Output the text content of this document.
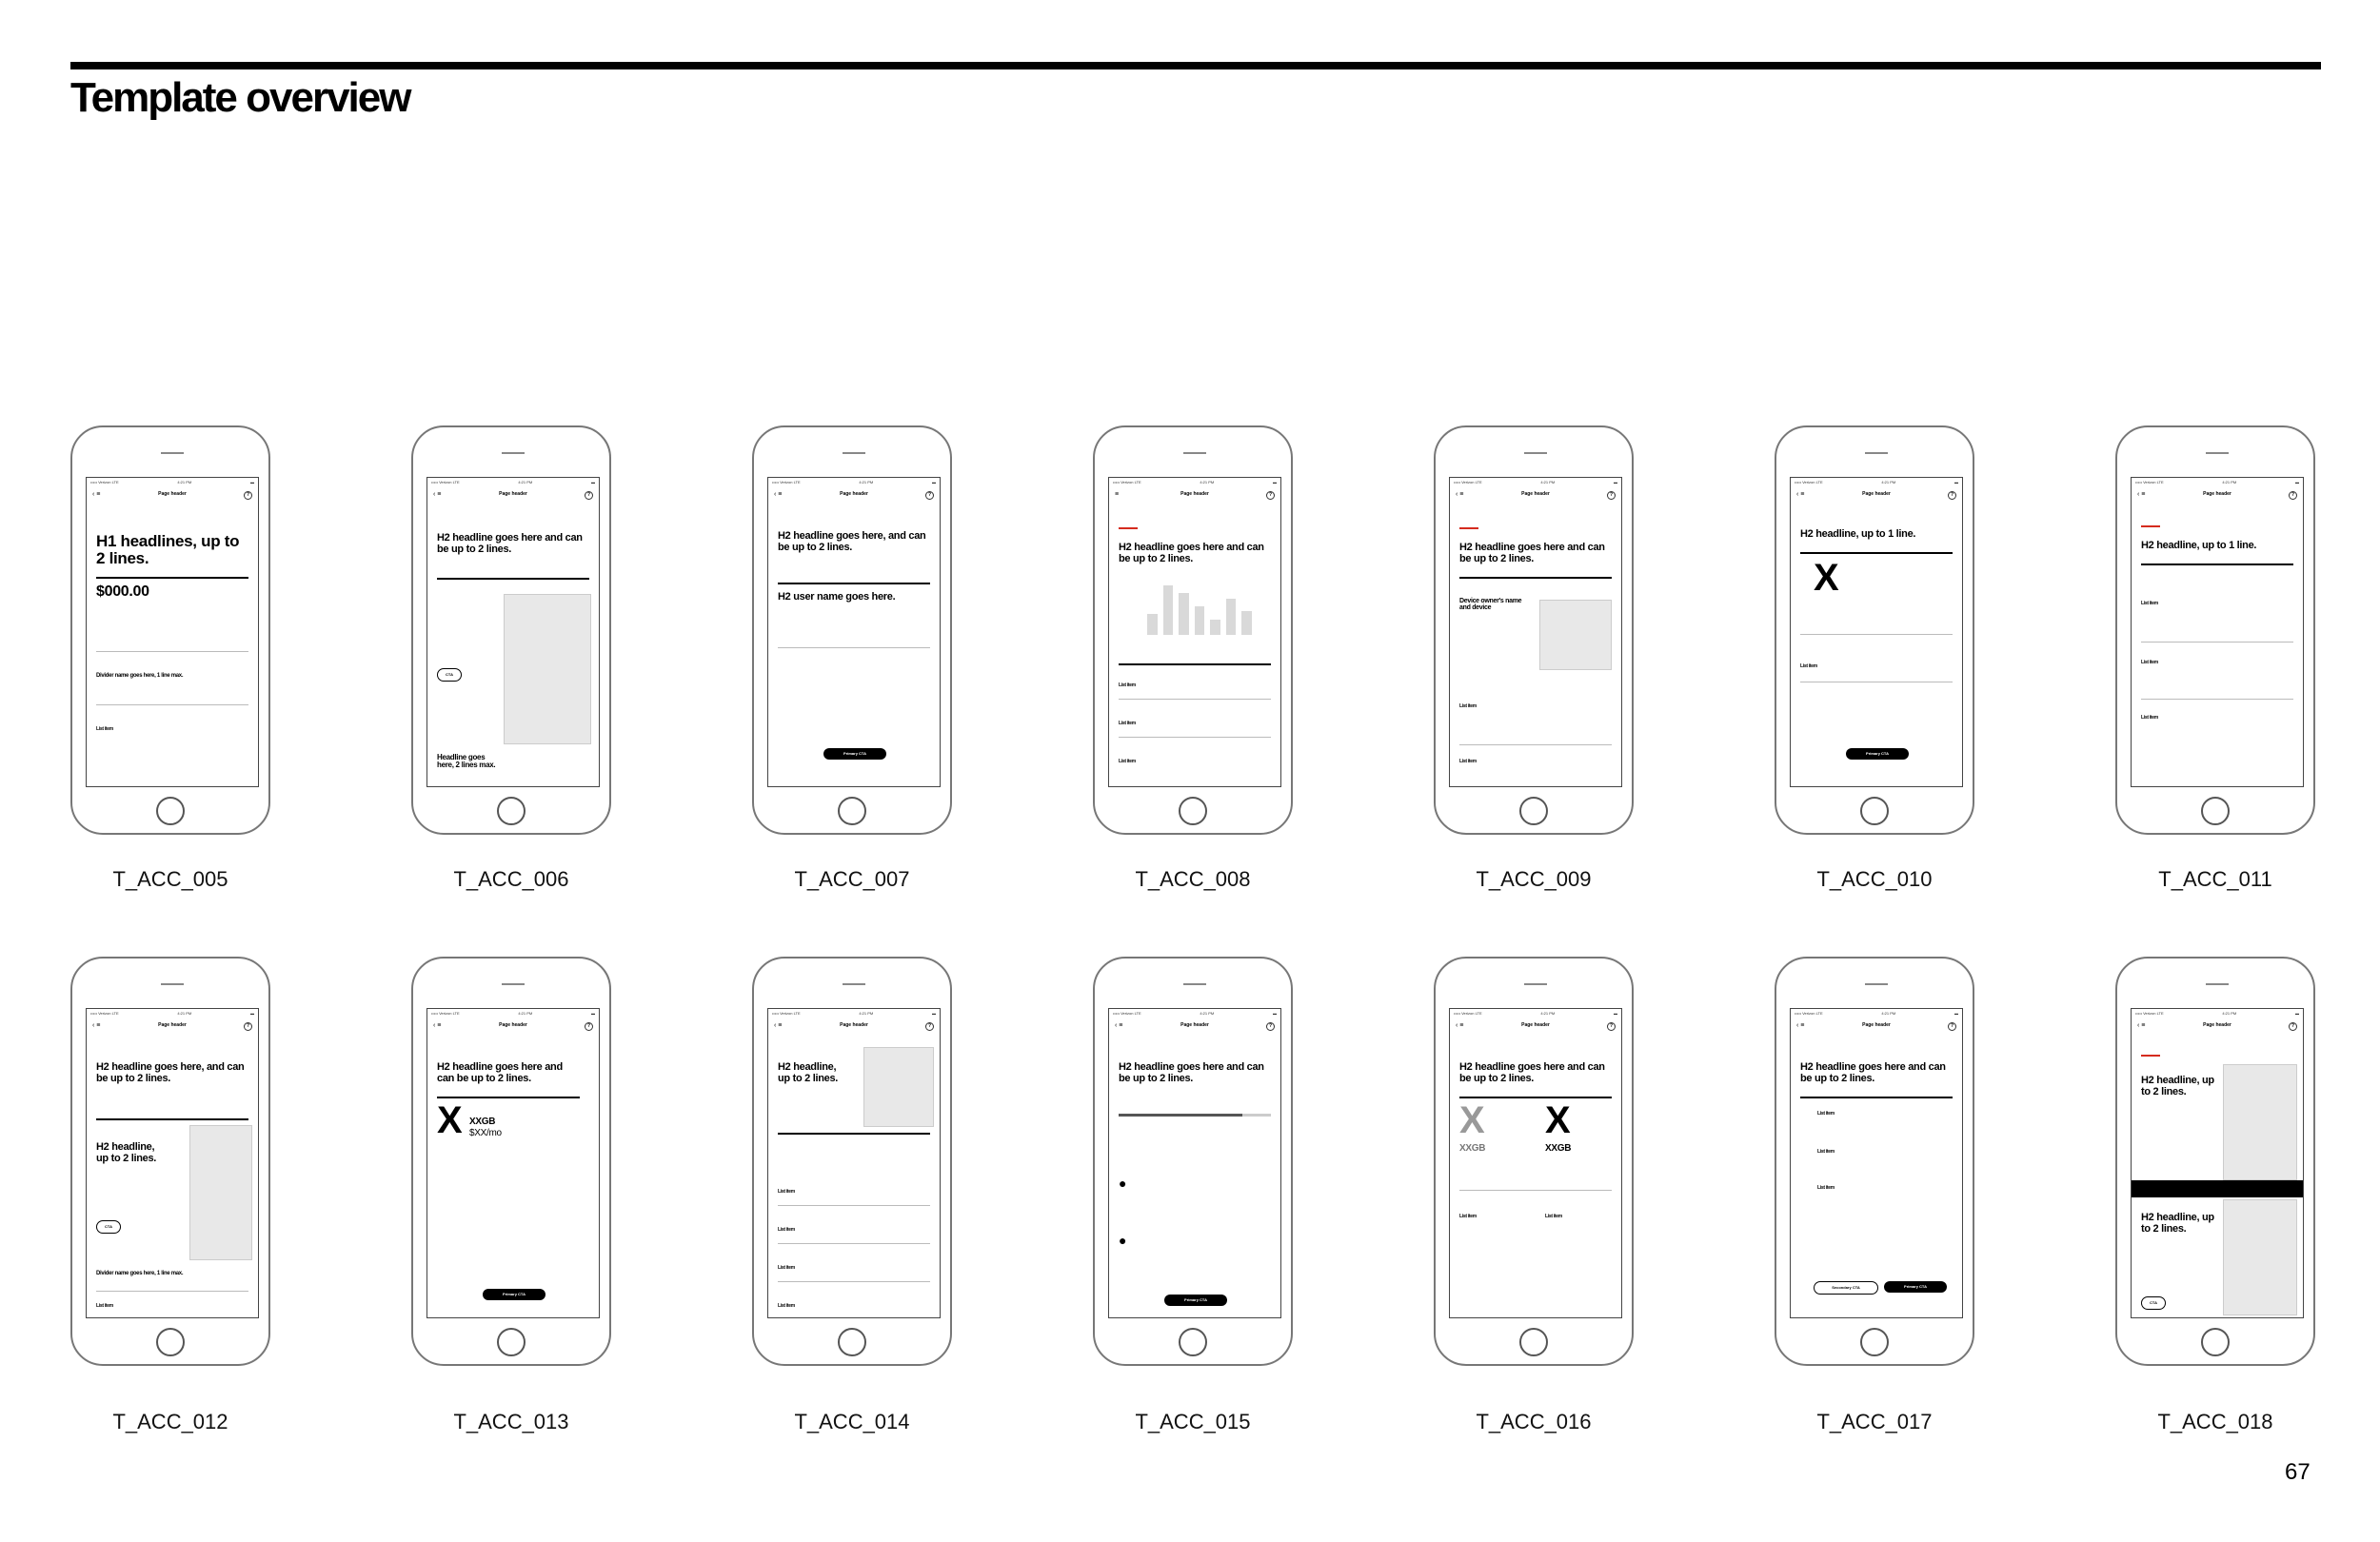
Template overview
••••• Verizon LTE	4:21 PM	▬
‹ ≡	Page header	?
H1 headlines, up to 2 lines.
$000.00
Divider name goes here, 1 line max.
List item
••••• Verizon LTE	4:21 PM	▬
‹ ≡	Page header	?
H2 headline goes here and can be up to 2 lines.
CTA
Headline goes here, 2 lines max.
••••• Verizon LTE	4:21 PM	▬
‹ ≡	Page header	?
H2 headline goes here, and can be up to 2 lines.
H2 user name goes here.
Primary CTA
••••• Verizon LTE	4:21 PM	▬
≡	Page header	?
H2 headline goes here and can be up to 2 lines.
List item
List item
List item
••••• Verizon LTE	4:21 PM	▬
‹ ≡	Page header	?
H2 headline goes here and can be up to 2 lines.
Device owner's name and device
List item
List item
••••• Verizon LTE	4:21 PM	▬
‹ ≡	Page header	?
H2 headline, up to 1 line.
X
List item
Primary CTA
••••• Verizon LTE	4:21 PM	▬
‹ ≡	Page header	?
H2 headline, up to 1 line.
List item
List item
List item
••••• Verizon LTE	4:21 PM	▬
‹ ≡	Page header	?
H2 headline goes here, and can be up to 2 lines.
H2 headline, up to 2 lines.
CTA
Divider name goes here, 1 line max.
List item
••••• Verizon LTE	4:21 PM	▬
‹ ≡	Page header	?
H2 headline goes here and can be up to 2 lines.
X XXGB
$XX/mo
Primary CTA
••••• Verizon LTE	4:21 PM	▬
‹ ≡	Page header	?
H2 headline, up to 2 lines.
List item
List item
List item
List item
••••• Verizon LTE	4:21 PM	▬
‹ ≡	Page header	?
H2 headline goes here and can be up to 2 lines.
●
●
Primary CTA
••••• Verizon LTE	4:21 PM	▬
‹ ≡	Page header	?
H2 headline goes here and can be up to 2 lines.
X	X
XXGB	XXGB
List item	List item
••••• Verizon LTE	4:21 PM	▬
‹ ≡	Page header	?
H2 headline goes here and can be up to 2 lines.
List item
List item
List item
Secondary CTA	Primary CTA
••••• Verizon LTE	4:21 PM	▬
‹ ≡	Page header	?
H2 headline, up to 2 lines.
H2 headline, up to 2 lines.
CTA
T_ACC_005	T_ACC_006	T_ACC_007	T_ACC_008	T_ACC_009	T_ACC_010	T_ACC_011
T_ACC_012	T_ACC_013	T_ACC_014	T_ACC_015	T_ACC_016	T_ACC_017	T_ACC_018
67
